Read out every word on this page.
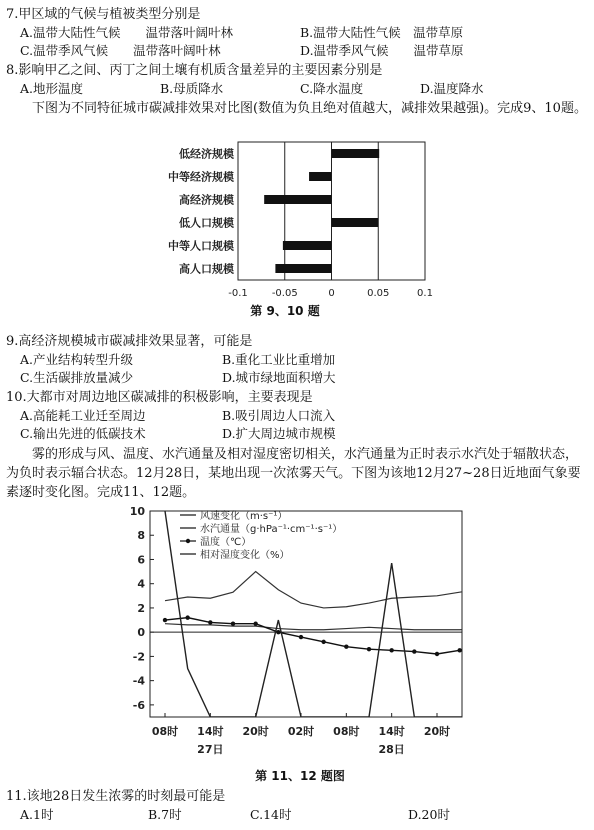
7.甲区域的气候与植被类型分别是
A.温带大陆性气候　　温带落叶阔叶林	B.温带大陆性气候　温带草原
C.温带季风气候　　温带落叶阔叶林	D.温带季风气候　　温带草原
8.影响甲乙之间、丙丁之间土壤有机质含量差异的主要因素分别是
A.地形温度	B.母质降水	C.降水温度	D.温度降水
下图为不同特征城市碳减排效果对比图(数值为负且绝对值越大，减排效果越强)。完成9、10题。
-0.1 -0.05	0	0.05	0.1
低经济规模
中等经济规模
高经济规模
低人口规模
中等人口规模
高人口规模
第 9、10 题
9.高经济规模城市碳减排效果显著，可能是
A.产业结构转型升级	B.重化工业比重增加
C.生活碳排放量减少	D.城市绿地面积增大
10.大都市对周边地区碳减排的积极影响，主要表现是
A.高能耗工业迁至周边	B.吸引周边人口流入
C.输出先进的低碳技术	D.扩大周边城市规模
雾的形成与风、温度、水汽通量及相对湿度密切相关，水汽通量为正时表示水汽处于辐散状态，为负时表示辐合状态。12月28日，某地出现一次浓雾天气。下图为该地12月27~28日近地面气象要素逐时变化图。完成11、12题。
10
8
6
4
2
0
-2
-4
-6
08时 14时 20时 02时 08时 14时 20时
27日	28日
风速变化（m·s⁻¹）
水汽通量（g·hPa⁻¹·cm⁻¹·s⁻¹）
温度（℃）
相对湿度变化（%）
第 11、12 题图
11.该地28日发生浓雾的时刻最可能是
A.1时	B.7时	C.14时	D.20时
